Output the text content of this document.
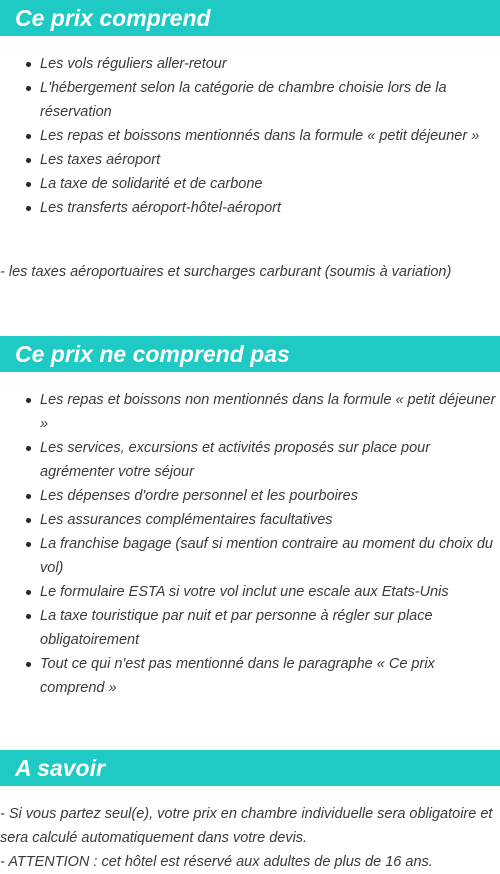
Ce prix comprend
Les vols réguliers aller-retour
L'hébergement selon la catégorie de chambre choisie lors de la réservation
Les repas et boissons mentionnés dans la formule « petit déjeuner »
Les taxes aéroport
La taxe de solidarité et de carbone
Les transferts aéroport-hôtel-aéroport
- les taxes aéroportuaires et surcharges carburant (soumis à variation)
Ce prix ne comprend pas
Les repas et boissons non mentionnés dans la formule « petit déjeuner »
Les services, excursions et activités proposés sur place pour agrémenter votre séjour
Les dépenses d'ordre personnel et les pourboires
Les assurances complémentaires facultatives
La franchise bagage (sauf si mention contraire au moment du choix du vol)
Le formulaire ESTA si votre vol inclut une escale aux Etats-Unis
La taxe touristique par nuit et par personne à régler sur place obligatoirement
Tout ce qui n'est pas mentionné dans le paragraphe « Ce prix comprend »
A savoir
- Si vous partez seul(e), votre prix en chambre individuelle sera obligatoire et sera calculé automatiquement dans votre devis.
- ATTENTION : cet hôtel est réservé aux adultes de plus de 16 ans.
